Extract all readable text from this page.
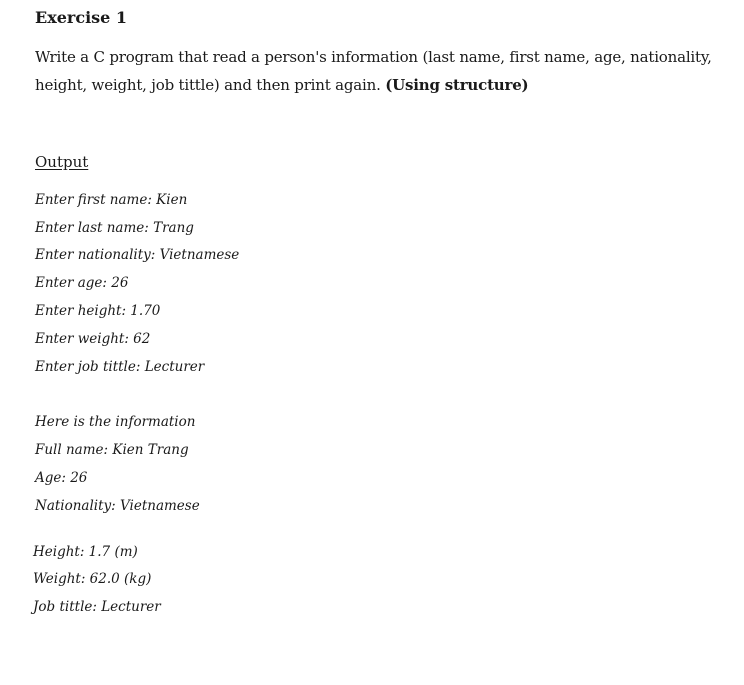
Exercise 1
Write a C program that read a person's information (last name, first name, age, nationality, height, weight, job tittle) and then print again. (Using structure)
Output
Enter first name: Kien
Enter last name: Trang
Enter nationality: Vietnamese
Enter age: 26
Enter height: 1.70
Enter weight: 62
Enter job tittle: Lecturer
Here is the information
Full name: Kien Trang
Age: 26
Nationality: Vietnamese
Height: 1.7 (m)
Weight: 62.0 (kg)
Job tittle: Lecturer
